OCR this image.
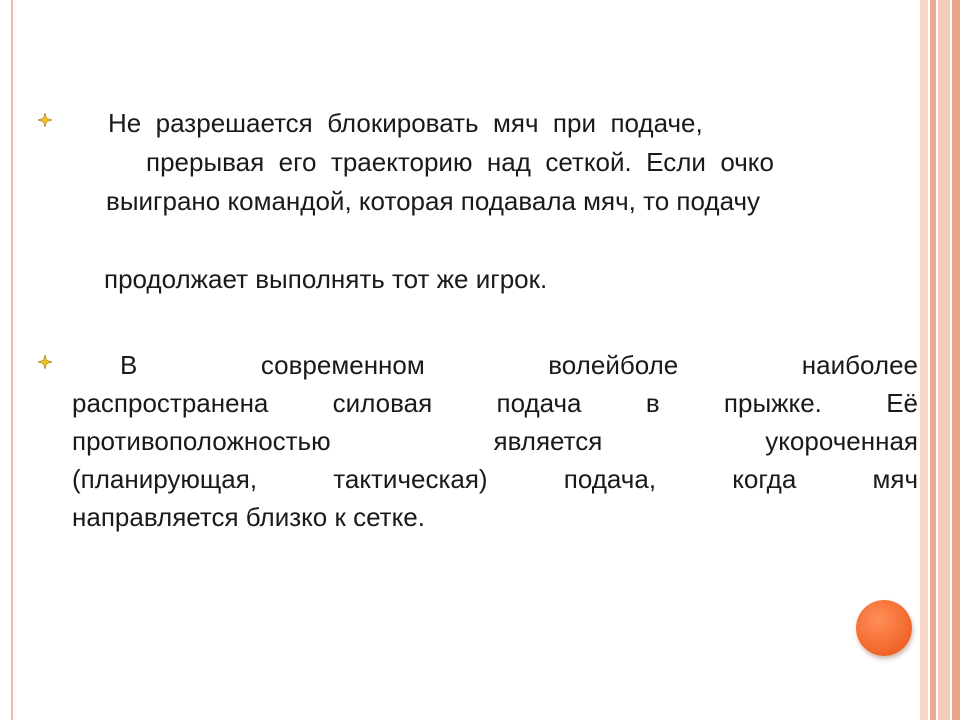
Не  разрешается  блокировать  мяч  при  подаче,
прерывая  его  траекторию  над  сеткой.  Если  очко
выиграно командой, которая подавала мяч, то подачу
продолжает выполнять тот же игрок.
В современном волейболе наиболее
распространена силовая подача в прыжке. Её
противоположностью является укороченная
(планирующая, тактическая) подача, когда мяч
направляется близко к сетке.
